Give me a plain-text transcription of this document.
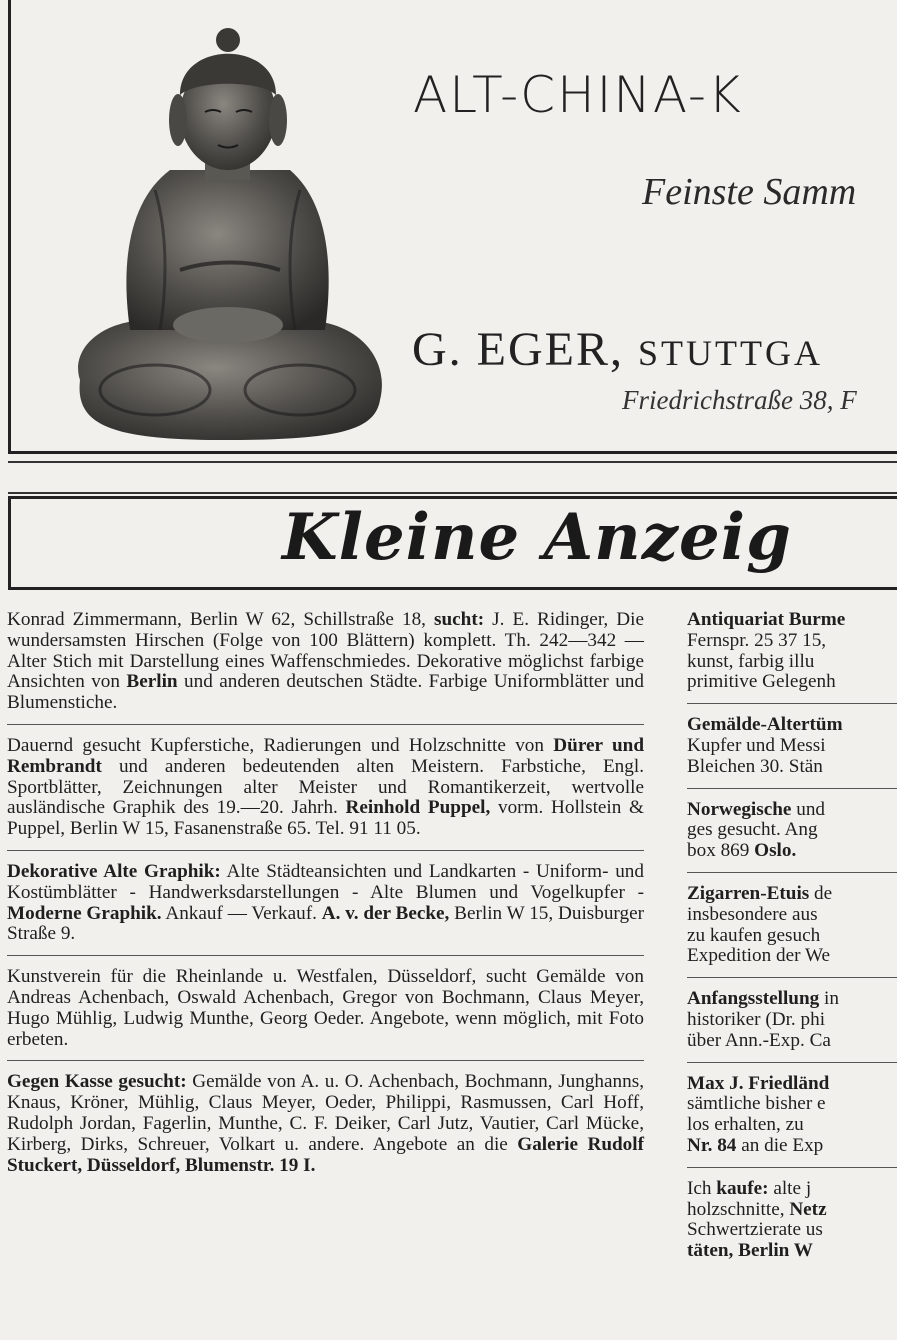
ALT-CHINA-K
Feinste Samm
G. EGER, STUTTGA
Friedrichstraße 38, F
Kleine Anzeig

Konrad Zimmermann, Berlin W 62, Schillstraße 18, sucht: J. E. Ridinger, Die wundersamsten Hirschen (Folge von 100 Blättern) komplett. Th. 242—342 — Alter Stich mit Darstellung eines Waffenschmiedes. Dekorative möglichst farbige Ansichten von Berlin und anderen deutschen Städte. Farbige Uniformblätter und Blumenstiche.

Dauernd gesucht Kupferstiche, Radierungen und Holzschnitte von Dürer und Rembrandt und anderen bedeutenden alten Meistern. Farbstiche, Engl. Sportblätter, Zeichnungen alter Meister und Romantikerzeit, wertvolle ausländische Graphik des 19.—20. Jahrh. Reinhold Puppel, vorm. Hollstein & Puppel, Berlin W 15, Fasanenstraße 65. Tel. 91 11 05.

Dekorative Alte Graphik: Alte Städteansichten und Landkarten - Uniform- und Kostümblätter - Handwerksdarstellungen - Alte Blumen und Vogelkupfer - Moderne Graphik. Ankauf — Verkauf. A. v. der Becke, Berlin W 15, Duisburger Straße 9.

Kunstverein für die Rheinlande u. Westfalen, Düsseldorf, sucht Gemälde von Andreas Achenbach, Oswald Achenbach, Gregor von Bochmann, Claus Meyer, Hugo Mühlig, Ludwig Munthe, Georg Oeder. Angebote, wenn möglich, mit Foto erbeten.

Gegen Kasse gesucht: Gemälde von A. u. O. Achenbach, Bochmann, Junghanns, Knaus, Kröner, Mühlig, Claus Meyer, Oeder, Philippi, Rasmussen, Carl Hoff, Rudolph Jordan, Fagerlin, Munthe, C. F. Deiker, Carl Jutz, Vautier, Carl Mücke, Kirberg, Dirks, Schreuer, Volkart u. andere. Angebote an die Galerie Rudolf Stuckert, Düsseldorf, Blumenstr. 19 I.

Antiquariat Burme
Fernspr. 25 37 15,
kunst, farbig illu
primitive Gelegenh
Gemälde-Altertüm
Kupfer und Messi
Bleichen 30. Stän
Norwegische und
ges gesucht. Ang
box 869 Oslo.
Zigarren-Etuis de
insbesondere aus
zu kaufen gesuch
Expedition der We
Anfangsstellung in
historiker (Dr. phi
über Ann.-Exp. Ca
Max J. Friedländ
sämtliche bisher e
los erhalten, zu
Nr. 84 an die Exp
Ich kaufe: alte j
holzschnitte, Netz
Schwertzierate us
täten, Berlin W
